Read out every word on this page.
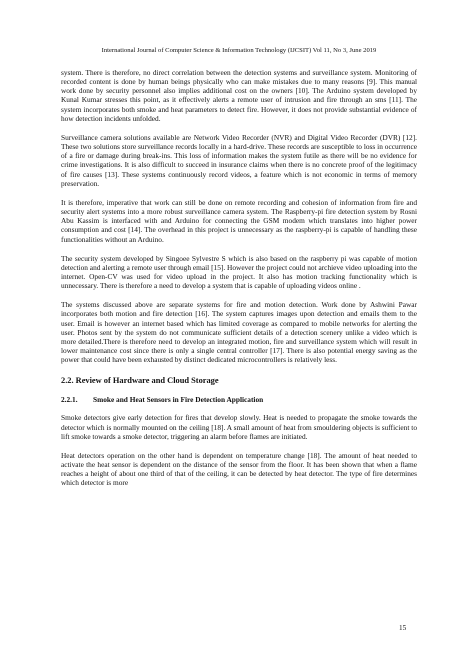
International Journal of Computer Science & Information Technology (IJCSIT) Vol 11, No 3, June 2019

system. There is therefore, no direct correlation between the detection systems and surveillance system. Monitoring of recorded content is done by human beings physically who can make mistakes due to many reasons [9]. This manual work done by security personnel also implies additional cost on the owners [10]. The Arduino system developed by Kunal Kumar stresses this point, as it effectively alerts a remote user of intrusion and fire through an sms [11]. The system incorporates both smoke and heat parameters to detect fire. However, it does not provide substantial evidence of how detection incidents unfolded.

Surveillance camera solutions available are Network Video Recorder (NVR) and Digital Video Recorder (DVR) [12]. These two solutions store surveillance records locally in a hard-drive. These records are susceptible to loss in occurrence of a fire or damage during break-ins. This loss of information makes the system futile as there will be no evidence for crime investigations. It is also difficult to succeed in insurance claims when there is no concrete proof of the legitimacy of fire causes [13]. These systems continuously record videos, a feature which is not economic in terms of memory preservation.

It is therefore, imperative that work can still be done on remote recording and cohesion of information from fire and security alert systems into a more robust surveillance camera system. The Raspberry-pi fire detection system by Rosni Abu Kassim is interfaced with and Arduino for connecting the GSM modem which translates into higher power consumption and cost [14]. The overhead in this project is unnecessary as the raspberry-pi is capable of handling these functionalities without an Arduino.

The security system developed by Singoee Sylvestre S which is also based on the raspberry pi was capable of motion detection and alerting a remote user through email [15]. However the project could not archieve video uploading into the internet. Open-CV was used for video upload in the project. It also has motion tracking functionality which is unnecessary. There is therefore a need to develop a system that is capable of uploading videos online .

The systems discussed above are separate systems for fire and motion detection. Work done by Ashwini Pawar incorporates both motion and fire detection [16]. The system captures images upon detection and emails them to the user. Email is however an internet based which has limited coverage as compared to mobile networks for alerting the user. Photos sent by the system do not communicate sufficient details of a detection scenery unlike a video which is more detailed.There is therefore need to develop an integrated motion, fire and surveillance system which will result in lower maintenance cost since there is only a single central controller [17]. There is also potential energy saving as the power that could have been exhausted by distinct dedicated microcontrollers is relatively less.

2.2. Review of Hardware and Cloud Storage
2.2.1. Smoke and Heat Sensors in Fire Detection Application

Smoke detectors give early detection for fires that develop slowly. Heat is needed to propagate the smoke towards the detector which is normally mounted on the ceiling [18]. A small amount of heat from smouldering objects is sufficient to lift smoke towards a smoke detector, triggering an alarm before flames are initiated.

Heat detectors operation on the other hand is dependent on temperature change [18]. The amount of heat needed to activate the heat sensor is dependent on the distance of the sensor from the floor. It has been shown that when a flame reaches a height of about one third of that of the ceiling, it can be detected by heat detector. The type of fire determines which detector is more

15
